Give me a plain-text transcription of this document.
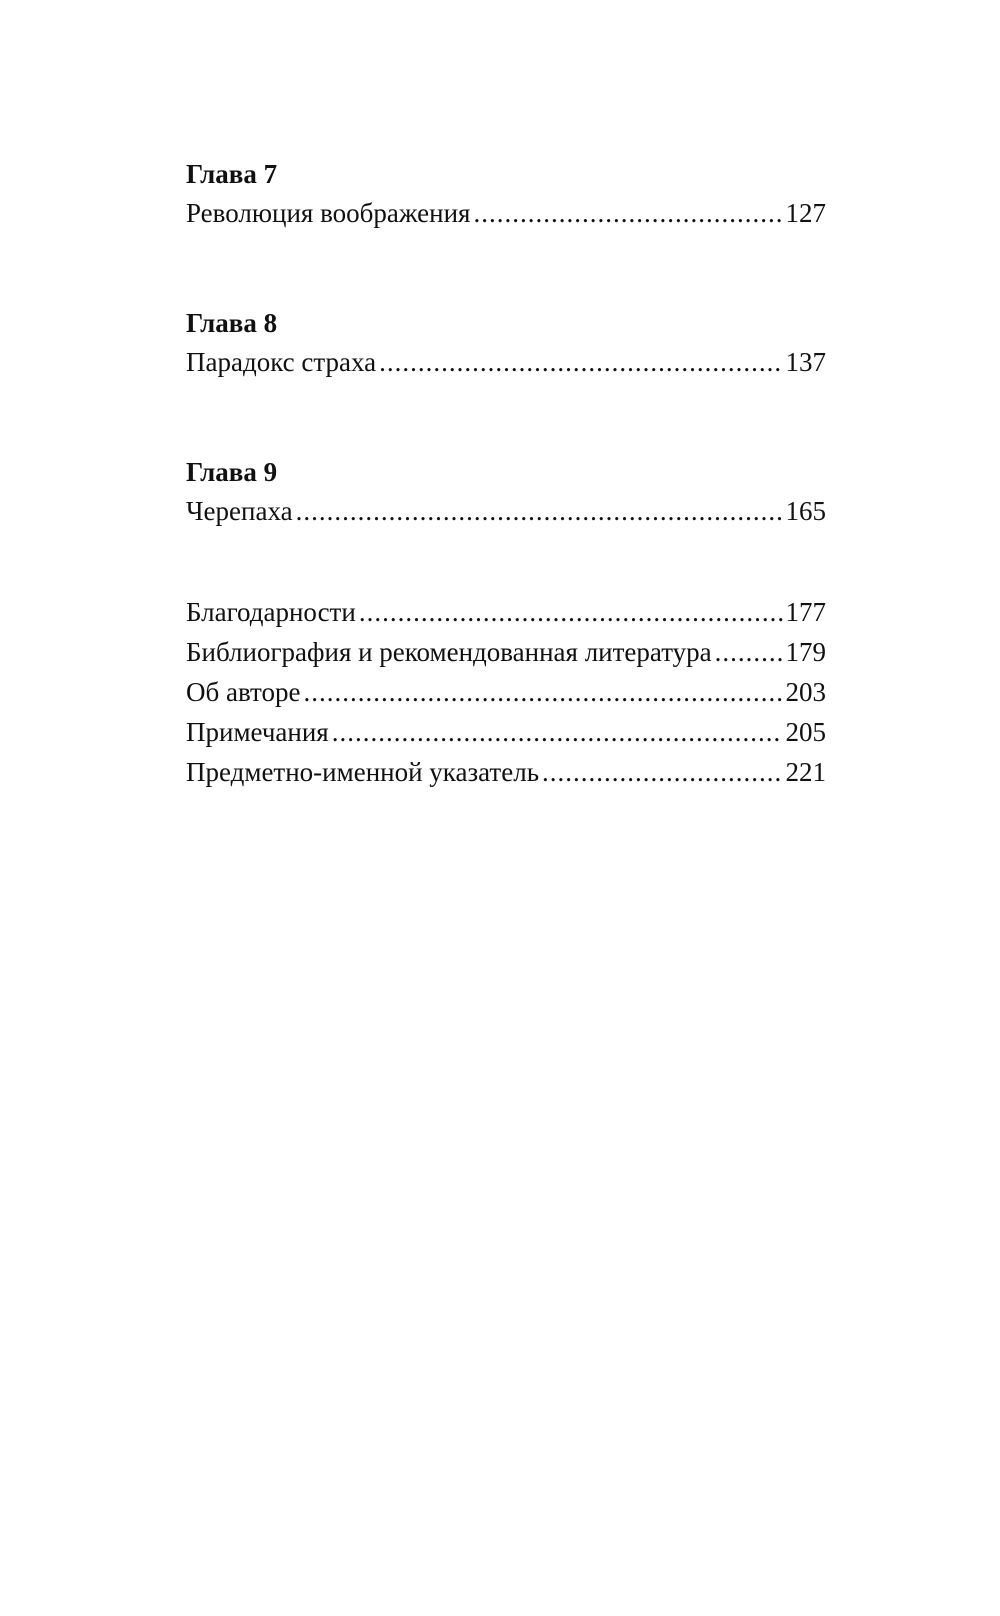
Глава 7
Революция воображения .....	127
Глава 8
Парадокс страха .....	137
Глава 9
Черепаха .....	165
Благодарности .....	177
Библиография и рекомендованная литература .....	179
Об авторе .....	203
Примечания .....	205
Предметно-именной указатель .....	221
